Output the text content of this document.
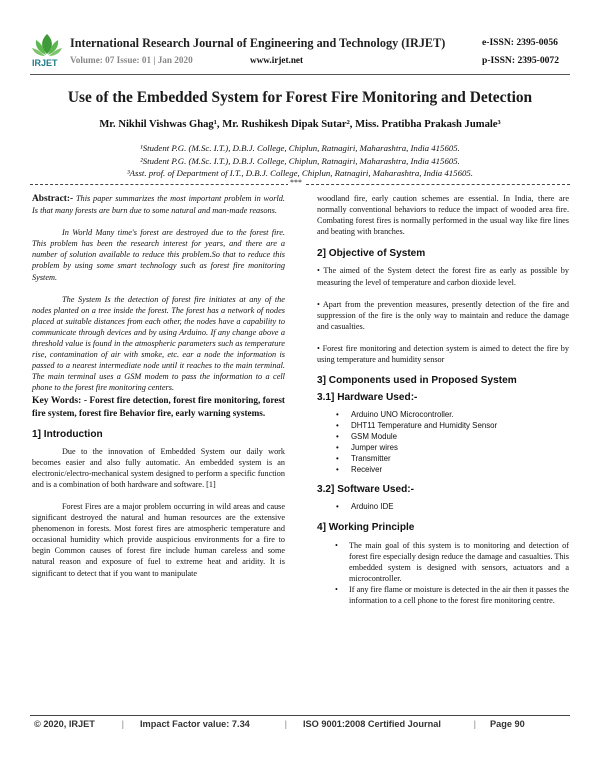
IRJET
International Research Journal of Engineering and Technology (IRJET)	e-ISSN: 2395-0056
Volume: 07 Issue: 01 | Jan 2020	www.irjet.net	p-ISSN: 2395-0072
Use of the Embedded System for Forest Fire Monitoring and Detection
Mr. Nikhil Vishwas Ghag¹, Mr. Rushikesh Dipak Sutar², Miss. Pratibha Prakash Jumale³
¹Student P.G. (M.Sc. I.T.), D.B.J. College, Chiplun, Ratnagiri, Maharashtra, India 415605.
²Student P.G. (M.Sc. I.T.), D.B.J. College, Chiplun, Ratnagiri, Maharashtra, India 415605.
³Asst. prof. of Department of I.T., D.B.J. College, Chiplun, Ratnagiri, Maharashtra, India 415605.
***

Abstract:- This paper summarizes the most important problem in world. Is that many forests are burn due to some natural and man-made reasons.

In World Many time's forest are destroyed due to the forest fire. This problem has been the research interest for years, and there are a number of solution available to reduce this problem.So that to reduce this problem by using some smart technology such as forest fire monitoring System.

The System Is the detection of forest fire initiates at any of the nodes planted on a tree inside the forest. The forest has a network of nodes placed at suitable distances from each other, the nodes have a capability to communicate through devices and by using Arduino. If any change above a threshold value is found in the atmospheric parameters such as temperature rise, contamination of air with smoke, etc. ear a node the information is passed to a nearest intermediate node until it reaches to the main terminal. The main terminal uses a GSM modem to pass the information to a cell phone to the forest fire monitoring centers.

Key Words: - Forest fire detection, forest fire monitoring, forest fire system, forest fire Behavior fire, early warning systems.

1] Introduction

Due to the innovation of Embedded System our daily work becomes easier and also fully automatic. An embedded system is an electronic/electro-mechanical system designed to perform a specific function and is a combination of both hardware and software. [1]

Forest Fires are a major problem occurring in wild areas and cause significant destroyed the natural and human resources are the extensive phenomenon in forests. Most forest fires are atmospheric temperature and occasional humidity which provide auspicious environments for a fire to begin Common causes of forest fire include human careless and some natural reason and exposure of fuel to extreme heat and aridity. It is significant to detect that if you want to manipulate

woodland fire, early caution schemes are essential. In India, there are normally conventional behaviors to reduce the impact of wooded area fire. Combating forest fires is normally performed in the usual way like fire lines and beating with branches.

2] Objective of System

• The aimed of the System detect the forest fire as early as possible by measuring the level of temperature and carbon dioxide level.

• Apart from the prevention measures, presently detection of the fire and suppression of the fire is the only way to maintain and reduce the damage and casualties.

• Forest fire monitoring and detection system is aimed to detect the fire by using temperature and humidity sensor

3] Components used in Proposed System
3.1] Hardware Used:-
• Arduino UNO Microcontroller.
• DHT11 Temperature and Humidity Sensor
• GSM Module
• Jumper wires
• Transmitter
• Receiver
3.2] Software Used:-
• Arduino IDE
4] Working Principle
• The main goal of this system is to monitoring and detection of forest fire especially design reduce the damage and casualties. This embedded system is designed with sensors, actuators and a microcontroller.
• If any fire flame or moisture is detected in the air then it passes the information to a cell phone to the forest fire monitoring centre.
© 2020, IRJET	| Impact Factor value: 7.34	| ISO 9001:2008 Certified Journal	| Page 90
